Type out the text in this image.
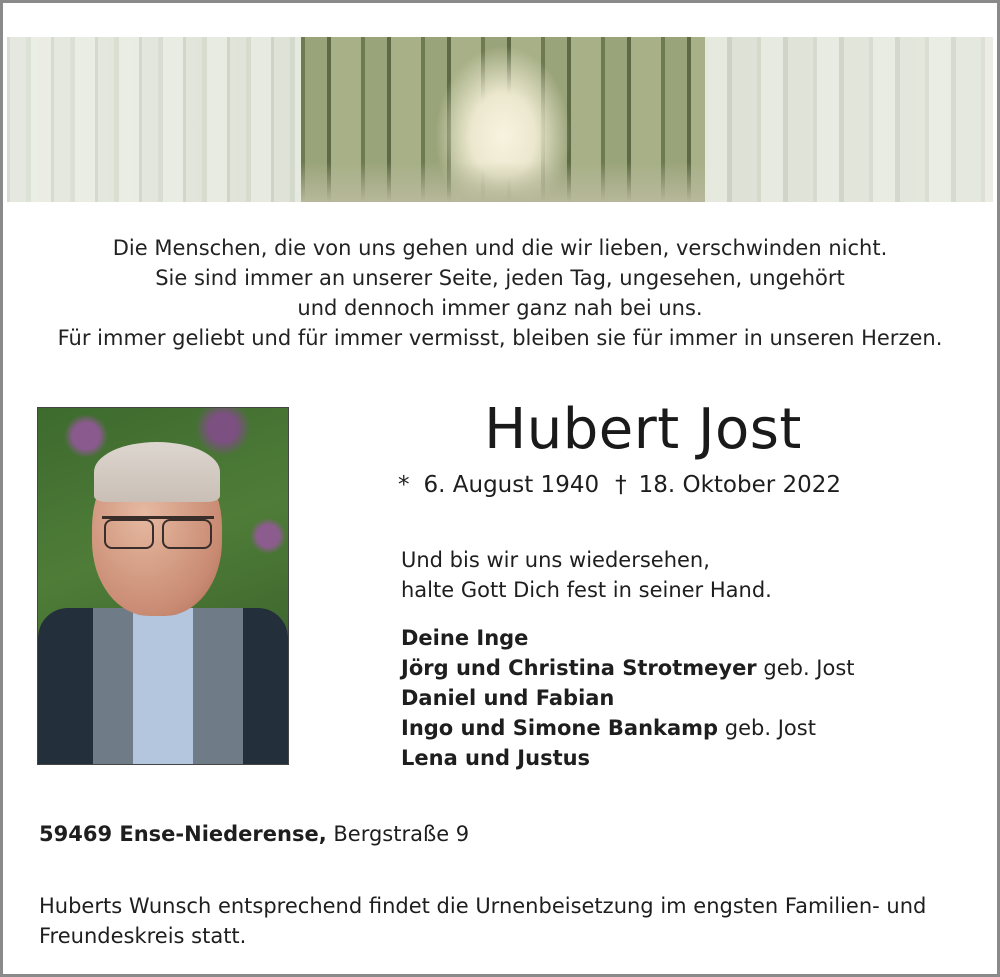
Die Menschen, die von uns gehen und die wir lieben, verschwinden nicht.
Sie sind immer an unserer Seite, jeden Tag, ungesehen, ungehört
und dennoch immer ganz nah bei uns.
Für immer geliebt und für immer vermisst, bleiben sie für immer in unseren Herzen.
Hubert Jost
* 6. August 1940 † 18. Oktober 2022
Und bis wir uns wiedersehen,
halte Gott Dich fest in seiner Hand.
Deine Inge
Jörg und Christina Strotmeyer geb. Jost
Daniel und Fabian
Ingo und Simone Bankamp geb. Jost
Lena und Justus
59469 Ense-Niederense, Bergstraße 9
Huberts Wunsch entsprechend findet die Urnenbeisetzung im engsten Familien- und Freundeskreis statt.
